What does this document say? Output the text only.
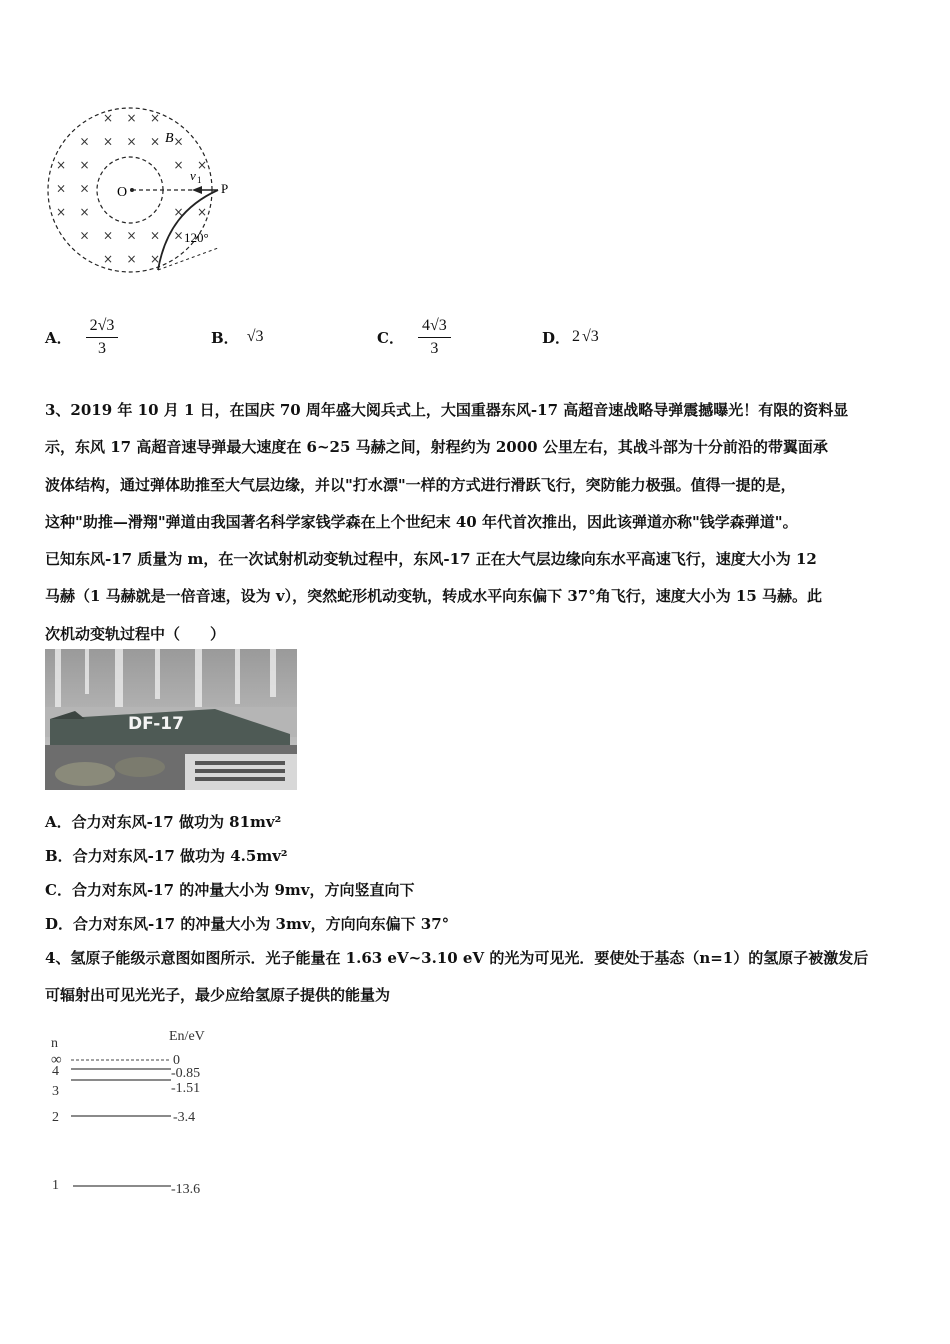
× × ×
× × × × ×
× ×	× ×
× ×
× ×	× ×
× × × × ×
× × ×
O
B
P
v 1
120°
A． $\frac{2√3}{3}$	B． √3	C． $\frac{4√3}{3}$	D． 2 √3

3、2019 年 10 月 1 日，在国庆 70 周年盛大阅兵式上，大国重器东风-17 高超音速战略导弹震撼曝光！有限的资料显

示，东风 17 高超音速导弹最大速度在 6~25 马赫之间，射程约为 2000 公里左右，其战斗部为十分前沿的带翼面承

波体结构，通过弹体助推至大气层边缘，并以"打水漂"一样的方式进行滑跃飞行，突防能力极强。值得一提的是，

这种"助推—滑翔"弹道由我国著名科学家钱学森在上个世纪末 40 年代首次推出，因此该弹道亦称"钱学森弹道"。

已知东风-17 质量为 m，在一次试射机动变轨过程中，东风-17 正在大气层边缘向东水平高速飞行，速度大小为 12

马赫（1 马赫就是一倍音速，设为 v），突然蛇形机动变轨，转成水平向东偏下 37°角飞行，速度大小为 15 马赫。此

次机动变轨过程中（　　）

DF-17
A．合力对东风-17 做功为 81mv²
B．合力对东风-17 做功为 4.5mv²
C．合力对东风-17 的冲量大小为 9mv，方向竖直向下
D．合力对东风-17 的冲量大小为 3mv，方向向东偏下 37°

4、氢原子能级示意图如图所示．光子能量在 1.63 eV~3.10 eV 的光为可见光．要使处于基态（n=1）的氢原子被激发后

可辐射出可见光光子，最少应给氢原子提供的能量为

n	En/eV
∞	0
4	-0.85
3	-1.51
2	-3.4
1	-13.6
